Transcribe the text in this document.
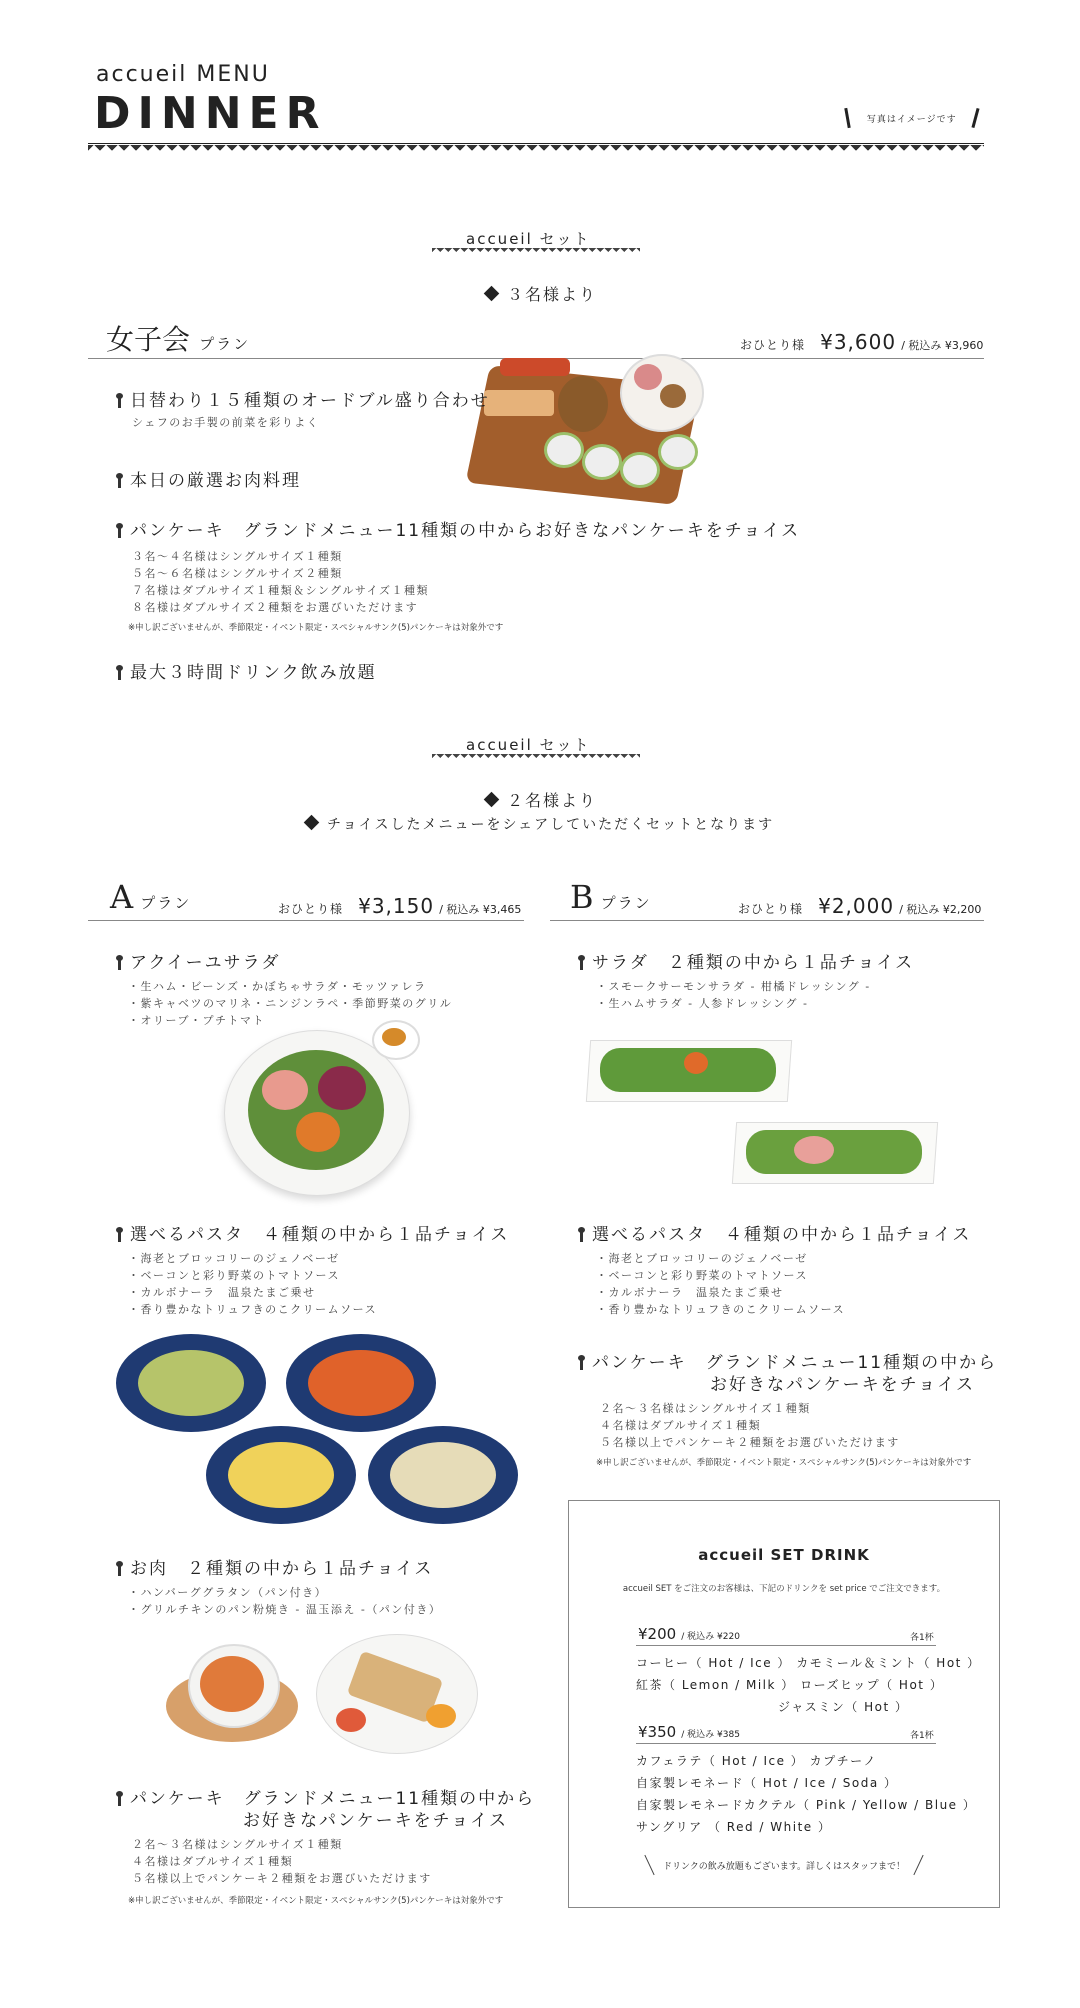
accueil MENU
DINNER	写真はイメージです
accueil セット
３名様より
女子会 プラン	おひとり様 ¥3,600 / 税込み ¥3,960
日替わり１５種類のオードブル盛り合わせ
シェフのお手製の前菜を彩りよく
本日の厳選お肉料理
パンケーキ　グランドメニュー11種類の中からお好きなパンケーキをチョイス
３名～４名様はシングルサイズ１種類
５名～６名様はシングルサイズ２種類
７名様はダブルサイズ１種類＆シングルサイズ１種類
８名様はダブルサイズ２種類をお選びいただけます
※申し訳ございませんが、季節限定・イベント限定・スペシャルサンク(5)パンケーキは対象外です
最大３時間ドリンク飲み放題
accueil セット
２名様より
チョイスしたメニューをシェアしていただくセットとなります
A プラン	おひとり様 ¥3,150 / 税込み ¥3,465 B プラン	おひとり様 ¥2,000 / 税込み ¥2,200
アクイーユサラダ
・生ハム・ビーンズ・かぼちゃサラダ・モッツァレラ
・紫キャベツのマリネ・ニンジンラペ・季節野菜のグリル
・オリーブ・プチトマト
選べるパスタ　４種類の中から１品チョイス
・海老とブロッコリーのジェノベーゼ
・ベーコンと彩り野菜のトマトソース
・カルボナーラ　温泉たまご乗せ
・香り豊かなトリュフきのこクリームソース
お肉　２種類の中から１品チョイス
・ハンバーググラタン（パン付き）
・グリルチキンのパン粉焼き - 温玉添え -（パン付き）
パンケーキ　グランドメニュー11種類の中から
お好きなパンケーキをチョイス
２名～３名様はシングルサイズ１種類
４名様はダブルサイズ１種類
５名様以上でパンケーキ２種類をお選びいただけます
※申し訳ございませんが、季節限定・イベント限定・スペシャルサンク(5)パンケーキは対象外です
サラダ　２種類の中から１品チョイス
・スモークサーモンサラダ - 柑橘ドレッシング -
・生ハムサラダ - 人参ドレッシング -
選べるパスタ　４種類の中から１品チョイス
・海老とブロッコリーのジェノベーゼ
・ベーコンと彩り野菜のトマトソース
・カルボナーラ　温泉たまご乗せ
・香り豊かなトリュフきのこクリームソース
パンケーキ　グランドメニュー11種類の中から
お好きなパンケーキをチョイス
２名～３名様はシングルサイズ１種類
４名様はダブルサイズ１種類
５名様以上でパンケーキ２種類をお選びいただけます
※申し訳ございませんが、季節限定・イベント限定・スペシャルサンク(5)パンケーキは対象外です
accueil SET DRINK
accueil SET をご注文のお客様は、下記のドリンクを set price でご注文できます。
¥200 / 税込み ¥220	各1杯
コーヒー（ Hot / Ice ） カモミール＆ミント（ Hot ）
紅茶（ Lemon / Milk ） ローズヒップ（ Hot ）
ジャスミン（ Hot ）
¥350 / 税込み ¥385	各1杯
カフェラテ（ Hot / Ice ） カプチーノ
自家製レモネード（ Hot / Ice / Soda ）
自家製レモネードカクテル（ Pink / Yellow / Blue ）
サングリア （ Red / White ）
ドリンクの飲み放題もございます。詳しくはスタッフまで！
